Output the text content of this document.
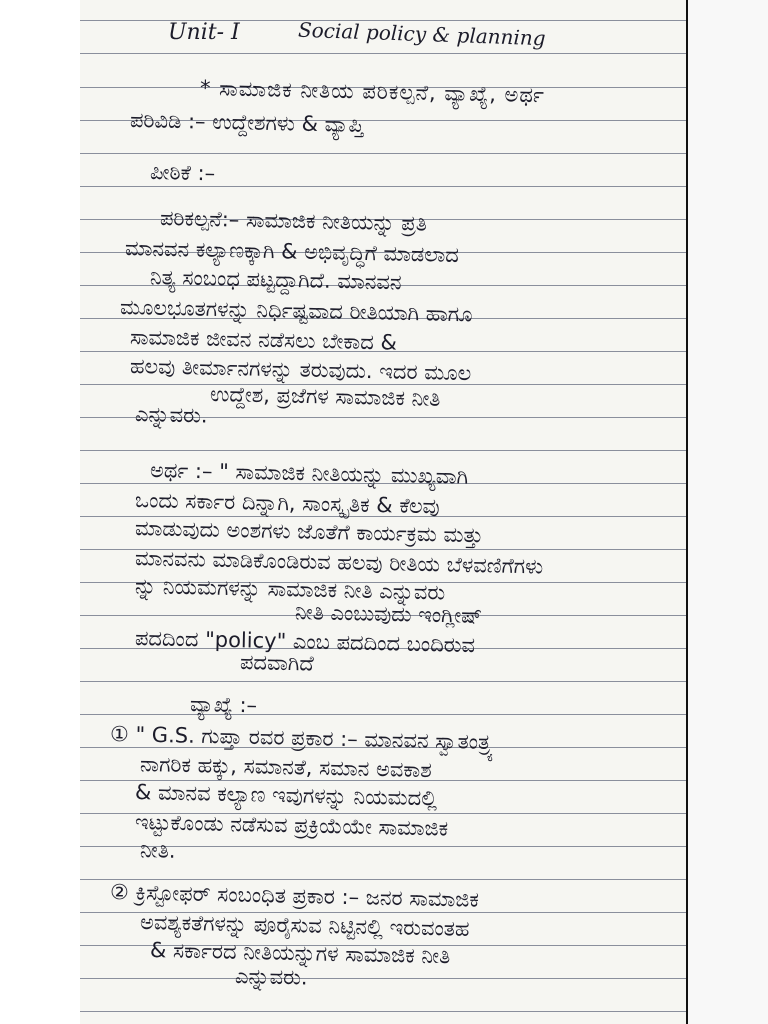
Unit- I	Social policy & planning
* ಸಾಮಾಜಿಕ ನೀತಿಯ ಪರಿಕಲ್ಪನೆ, ವ್ಯಾಖ್ಯೆ, ಅರ್ಥ
ಪರಿವಿಡಿ :– ಉದ್ದೇಶಗಳು & ವ್ಯಾಪ್ತಿ
ಪೀಠಿಕೆ :–
ಪರಿಕಲ್ಪನೆ:– ಸಾಮಾಜಿಕ ನೀತಿಯನ್ನು ಪ್ರತಿ
ಮಾನವನ ಕಲ್ಯಾಣಕ್ಕಾಗಿ & ಅಭಿವೃದ್ಧಿಗೆ ಮಾಡಲಾದ
ನಿತ್ಯ ಸಂಬಂಧ ಪಟ್ಟದ್ದಾಗಿದೆ. ಮಾನವನ
ಮೂಲಭೂತಗಳನ್ನು ನಿರ್ಧಿಷ್ಟವಾದ ರೀತಿಯಾಗಿ ಹಾಗೂ
ಸಾಮಾಜಿಕ ಜೀವನ ನಡೆಸಲು ಬೇಕಾದ &
ಹಲವು ತೀರ್ಮಾನಗಳನ್ನು ತರುವುದು. ಇದರ ಮೂಲ
ಉದ್ದೇಶ, ಪ್ರಜೆಗಳ ಸಾಮಾಜಿಕ ನೀತಿ
ಎನ್ನುವರು.
ಅರ್ಥ :– " ಸಾಮಾಜಿಕ ನೀತಿಯನ್ನು ಮುಖ್ಯವಾಗಿ
ಒಂದು ಸರ್ಕಾರ ದಿನ್ನಾಗಿ, ಸಾಂಸ್ಕೃತಿಕ & ಕೆಲವು
ಮಾಡುವುದು ಅಂಶಗಳು ಜೊತೆಗೆ ಕಾರ್ಯಕ್ರಮ ಮತ್ತು
ಮಾನವನು ಮಾಡಿಕೊಂಡಿರುವ ಹಲವು ರೀತಿಯ ಬೆಳವಣಿಗೆಗಳು
ನ್ನು ನಿಯಮಗಳನ್ನು ಸಾಮಾಜಿಕ ನೀತಿ ಎನ್ನುವರು
ನೀತಿ ಎಂಬುವುದು ಇಂಗ್ಲೀಷ್
ಪದದಿಂದ "policy" ಎಂಬ ಪದದಿಂದ ಬಂದಿರುವ
ಪದವಾಗಿದೆ
ವ್ಯಾಖ್ಯೆ :–
① " G.S. ಗುಪ್ತಾ ರವರ ಪ್ರಕಾರ :– ಮಾನವನ ಸ್ವಾತಂತ್ರ್ಯ
ನಾಗರಿಕ ಹಕ್ಕು, ಸಮಾನತೆ, ಸಮಾನ ಅವಕಾಶ
& ಮಾನವ ಕಲ್ಯಾಣ ಇವುಗಳನ್ನು ನಿಯಮದಲ್ಲಿ
ಇಟ್ಟುಕೊಂಡು ನಡೆಸುವ ಪ್ರಕ್ರಿಯೆಯೇ ಸಾಮಾಜಿಕ
ನೀತಿ.
② ಕ್ರಿಸ್ಟೋಫರ್ ಸಂಬಂಧಿತ ಪ್ರಕಾರ :– ಜನರ ಸಾಮಾಜಿಕ
ಅವಶ್ಯಕತೆಗಳನ್ನು ಪೂರೈಸುವ ನಿಟ್ಟಿನಲ್ಲಿ ಇರುವಂತಹ
& ಸರ್ಕಾರದ ನೀತಿಯನ್ನುಗಳ ಸಾಮಾಜಿಕ ನೀತಿ
ಎನ್ನುವರು.
